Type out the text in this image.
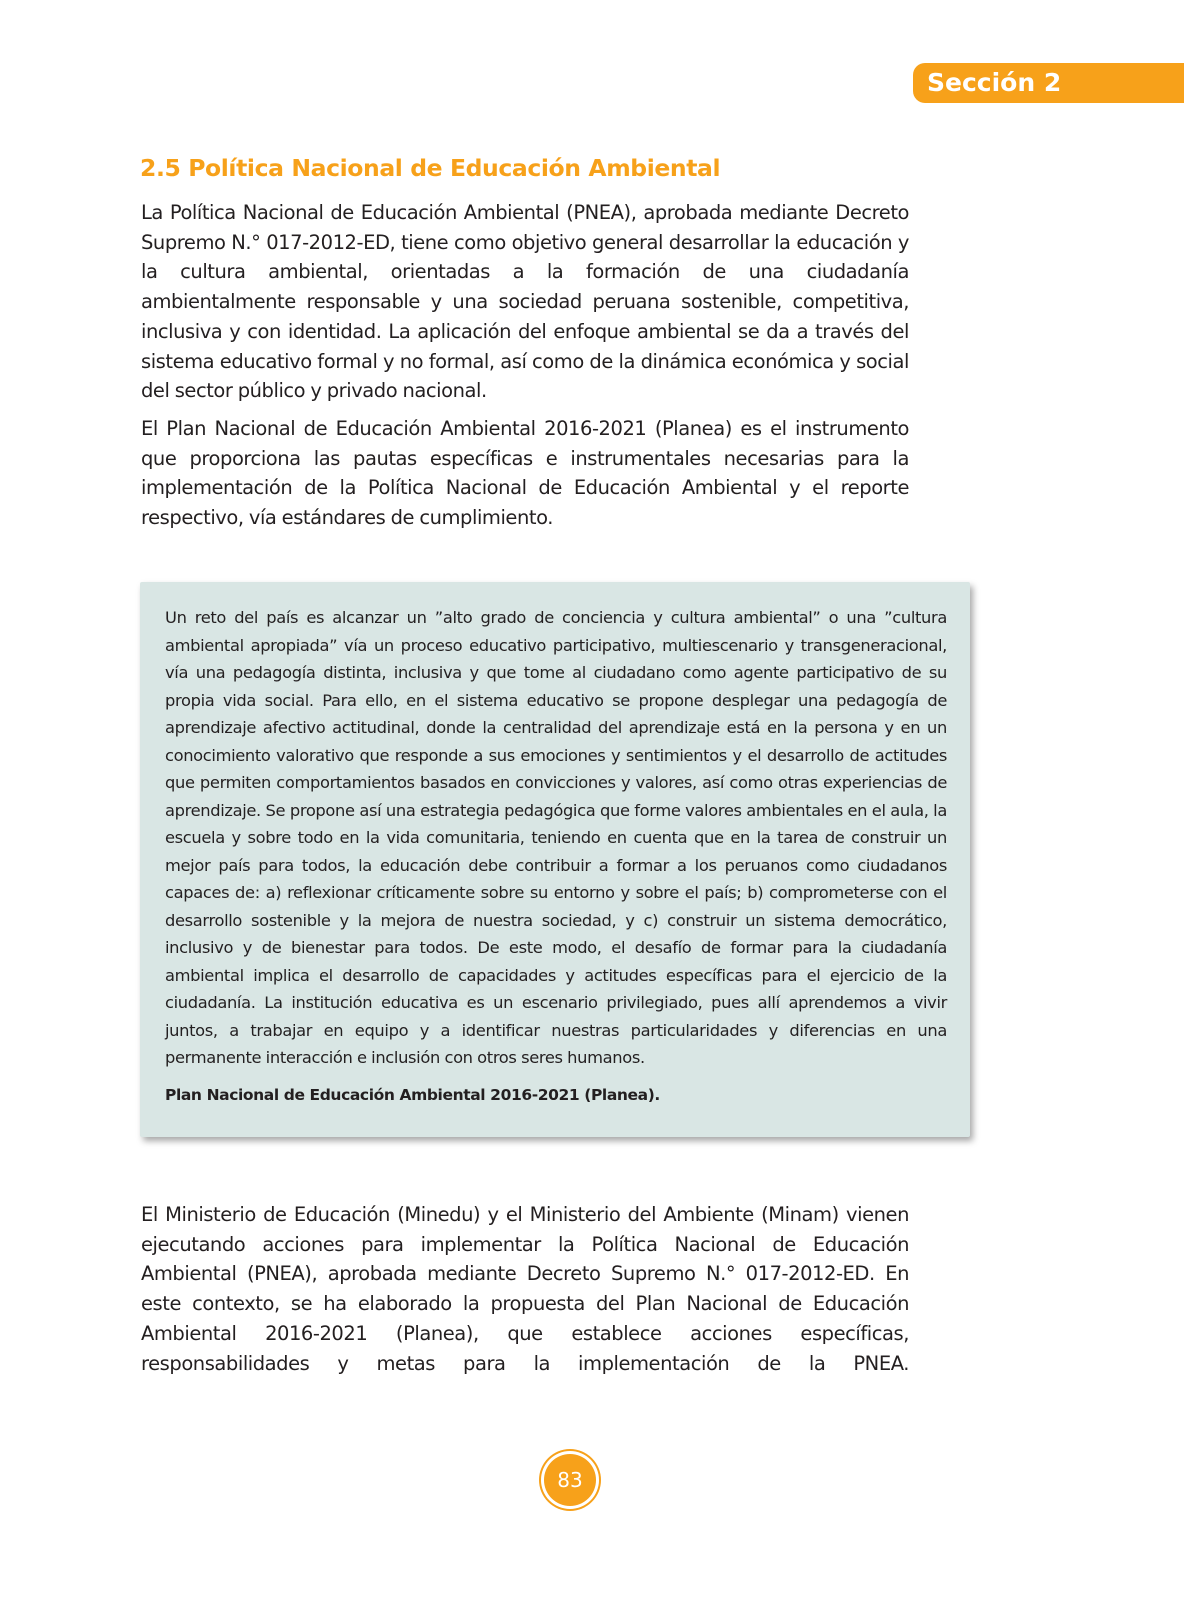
Sección 2
2.5 Política Nacional de Educación Ambiental

La Política Nacional de Educación Ambiental (PNEA), aprobada mediante Decreto Supremo N.° 017-2012-ED, tiene como objetivo general desarrollar la educación y la cultura ambiental, orientadas a la formación de una ciudadanía ambientalmente responsable y una sociedad peruana sostenible, competitiva, inclusiva y con identidad. La aplicación del enfoque ambiental se da a través del sistema educativo formal y no formal, así como de la dinámica económica y social del sector público y privado nacional.

El Plan Nacional de Educación Ambiental 2016-2021 (Planea) es el instrumento que proporciona las pautas específicas e instrumentales necesarias para la implementación de la Política Nacional de Educación Ambiental y el reporte respectivo, vía estándares de cumplimiento.

Un reto del país es alcanzar un ”alto grado de conciencia y cultura ambiental” o una ”cultura ambiental apropiada” vía un proceso educativo participativo, multiescenario y transgeneracional, vía una pedagogía distinta, inclusiva y que tome al ciudadano como agente participativo de su propia vida social. Para ello, en el sistema educativo se propone desplegar una pedagogía de aprendizaje afectivo actitudinal, donde la centralidad del aprendizaje está en la persona y en un conocimiento valorativo que responde a sus emociones y sentimientos y el desarrollo de actitudes que permiten comportamientos basados en convicciones y valores, así como otras experiencias de aprendizaje. Se propone así una estrategia pedagógica que forme valores ambientales en el aula, la escuela y sobre todo en la vida comunitaria, teniendo en cuenta que en la tarea de construir un mejor país para todos, la educación debe contribuir a formar a los peruanos como ciudadanos capaces de: a) reflexionar críticamente sobre su entorno y sobre el país; b) comprometerse con el desarrollo sostenible y la mejora de nuestra sociedad, y c) construir un sistema democrático, inclusivo y de bienestar para todos. De este modo, el desafío de formar para la ciudadanía ambiental implica el desarrollo de capacidades y actitudes específicas para el ejercicio de la ciudadanía. La institución educativa es un escenario privilegiado, pues allí aprendemos a vivir juntos, a trabajar en equipo y a identificar nuestras particularidades y diferencias en una permanente interacción e inclusión con otros seres humanos.

Plan Nacional de Educación Ambiental 2016-2021 (Planea).

El Ministerio de Educación (Minedu) y el Ministerio del Ambiente (Minam) vienen ejecutando acciones para implementar la Política Nacional de Educación Ambiental (PNEA), aprobada mediante Decreto Supremo N.° 017-2012-ED. En este contexto, se ha elaborado la propuesta del Plan Nacional de Educación Ambiental 2016-2021 (Planea), que establece acciones específicas, responsabilidades y metas para la implementación de la PNEA.

83
